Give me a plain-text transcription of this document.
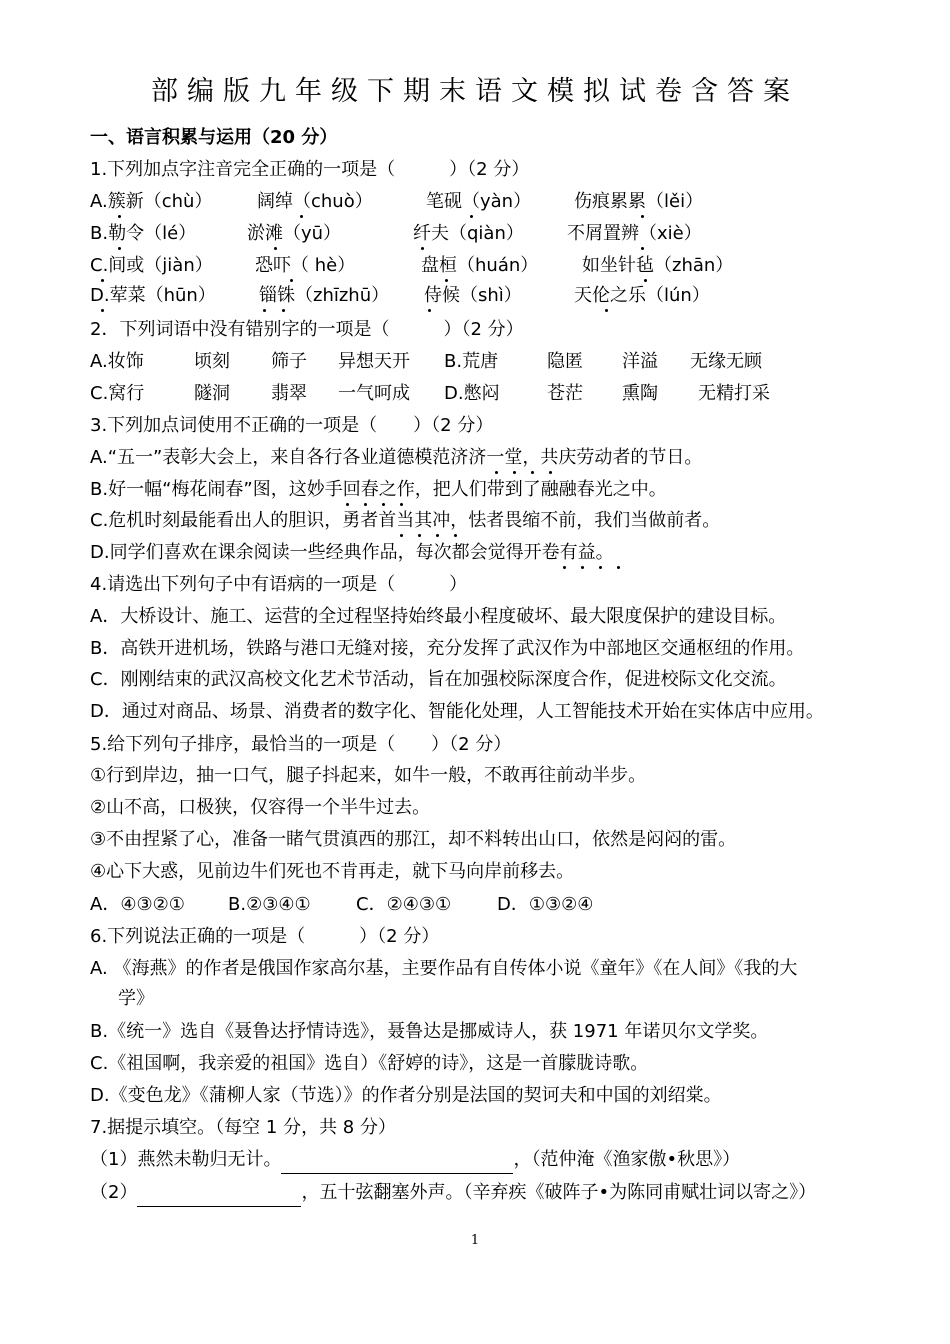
部编版九年级下期末语文模拟试卷含答案
一、语言积累与运用（20 分）
1.下列加点字注音完全正确的一项是（　　　）（2 分）
A.簇新（chù） 阔绰（chuò）	笔砚（yàn） 伤痕累累（lěi）
B.勒令（lé）	淤滩（yū）	纤夫（qiàn） 不屑置辨（xiè）
C.间或（jiàn） 恐吓（ hè）	盘桓（huán） 如坐针毡（zhān）
D.荤菜（hūn） 锱铢（zhīzhū） 侍候（shì）	天伦之乐（lún）
2．下列词语中没有错别字的一项是（　　　）（2 分）
A.妆饰	顷刻 筛子 异想天开 B.荒唐	隐匿 洋溢 无缘无顾
C.窝行	隧洞 翡翠 一气呵成 D.憋闷	苍茫 熏陶 无精打采
3.下列加点词使用不正确的一项是（　　）（2 分）
A.“五一”表彰大会上，来自各行各业道德模范济济一堂，共庆劳动者的节日。
B.好一幅“梅花闹春”图，这妙手回春之作，把人们带到了融融春光之中。
C.危机时刻最能看出人的胆识，勇者首当其冲，怯者畏缩不前，我们当做前者。
D.同学们喜欢在课余阅读一些经典作品，每次都会觉得开卷有益。
4.请选出下列句子中有语病的一项是（　　　）
A．大桥设计、施工、运营的全过程坚持始终最小程度破坏、最大限度保护的建设目标。
B．高铁开进机场，铁路与港口无缝对接，充分发挥了武汉作为中部地区交通枢纽的作用。
C．刚刚结束的武汉高校文化艺术节活动，旨在加强校际深度合作，促进校际文化交流。
D．通过对商品、场景、消费者的数字化、智能化处理，人工智能技术开始在实体店中应用。
5.给下列句子排序，最恰当的一项是（　　）（2 分）
①行到岸边，抽一口气，腿子抖起来，如牛一般，不敢再往前动半步。
②山不高，口极狭，仅容得一个半牛过去。
③不由捏紧了心，准备一睹气贯滇西的那江，却不料转出山口，依然是闷闷的雷。
④心下大惑，见前边牛们死也不肯再走，就下马向岸前移去。
A．④③②① B.②③④①	C．②④③①	D．①③②④
6.下列说法正确的一项是（　　　）（2 分）
A. 《海燕》的作者是俄国作家高尔基，主要作品有自传体小说《童年》《在人间》《我的大
学》
B.《统一》选自《聂鲁达抒情诗选》，聂鲁达是挪威诗人，获 1971 年诺贝尔文学奖。
C.《祖国啊，我亲爱的祖国》选自）《舒婷的诗》，这是一首朦胧诗歌。
D.《变色龙》《蒲柳人家（节选）》的作者分别是法国的契诃夫和中国的刘绍棠。
7.据提示填空。（每空 1 分，共 8 分）
（1）燕然未勒归无计。	，（范仲淹《渔家傲•秋思》）
（2）	，五十弦翻塞外声。（辛弃疾《破阵子•为陈同甫赋壮词以寄之》）
1
